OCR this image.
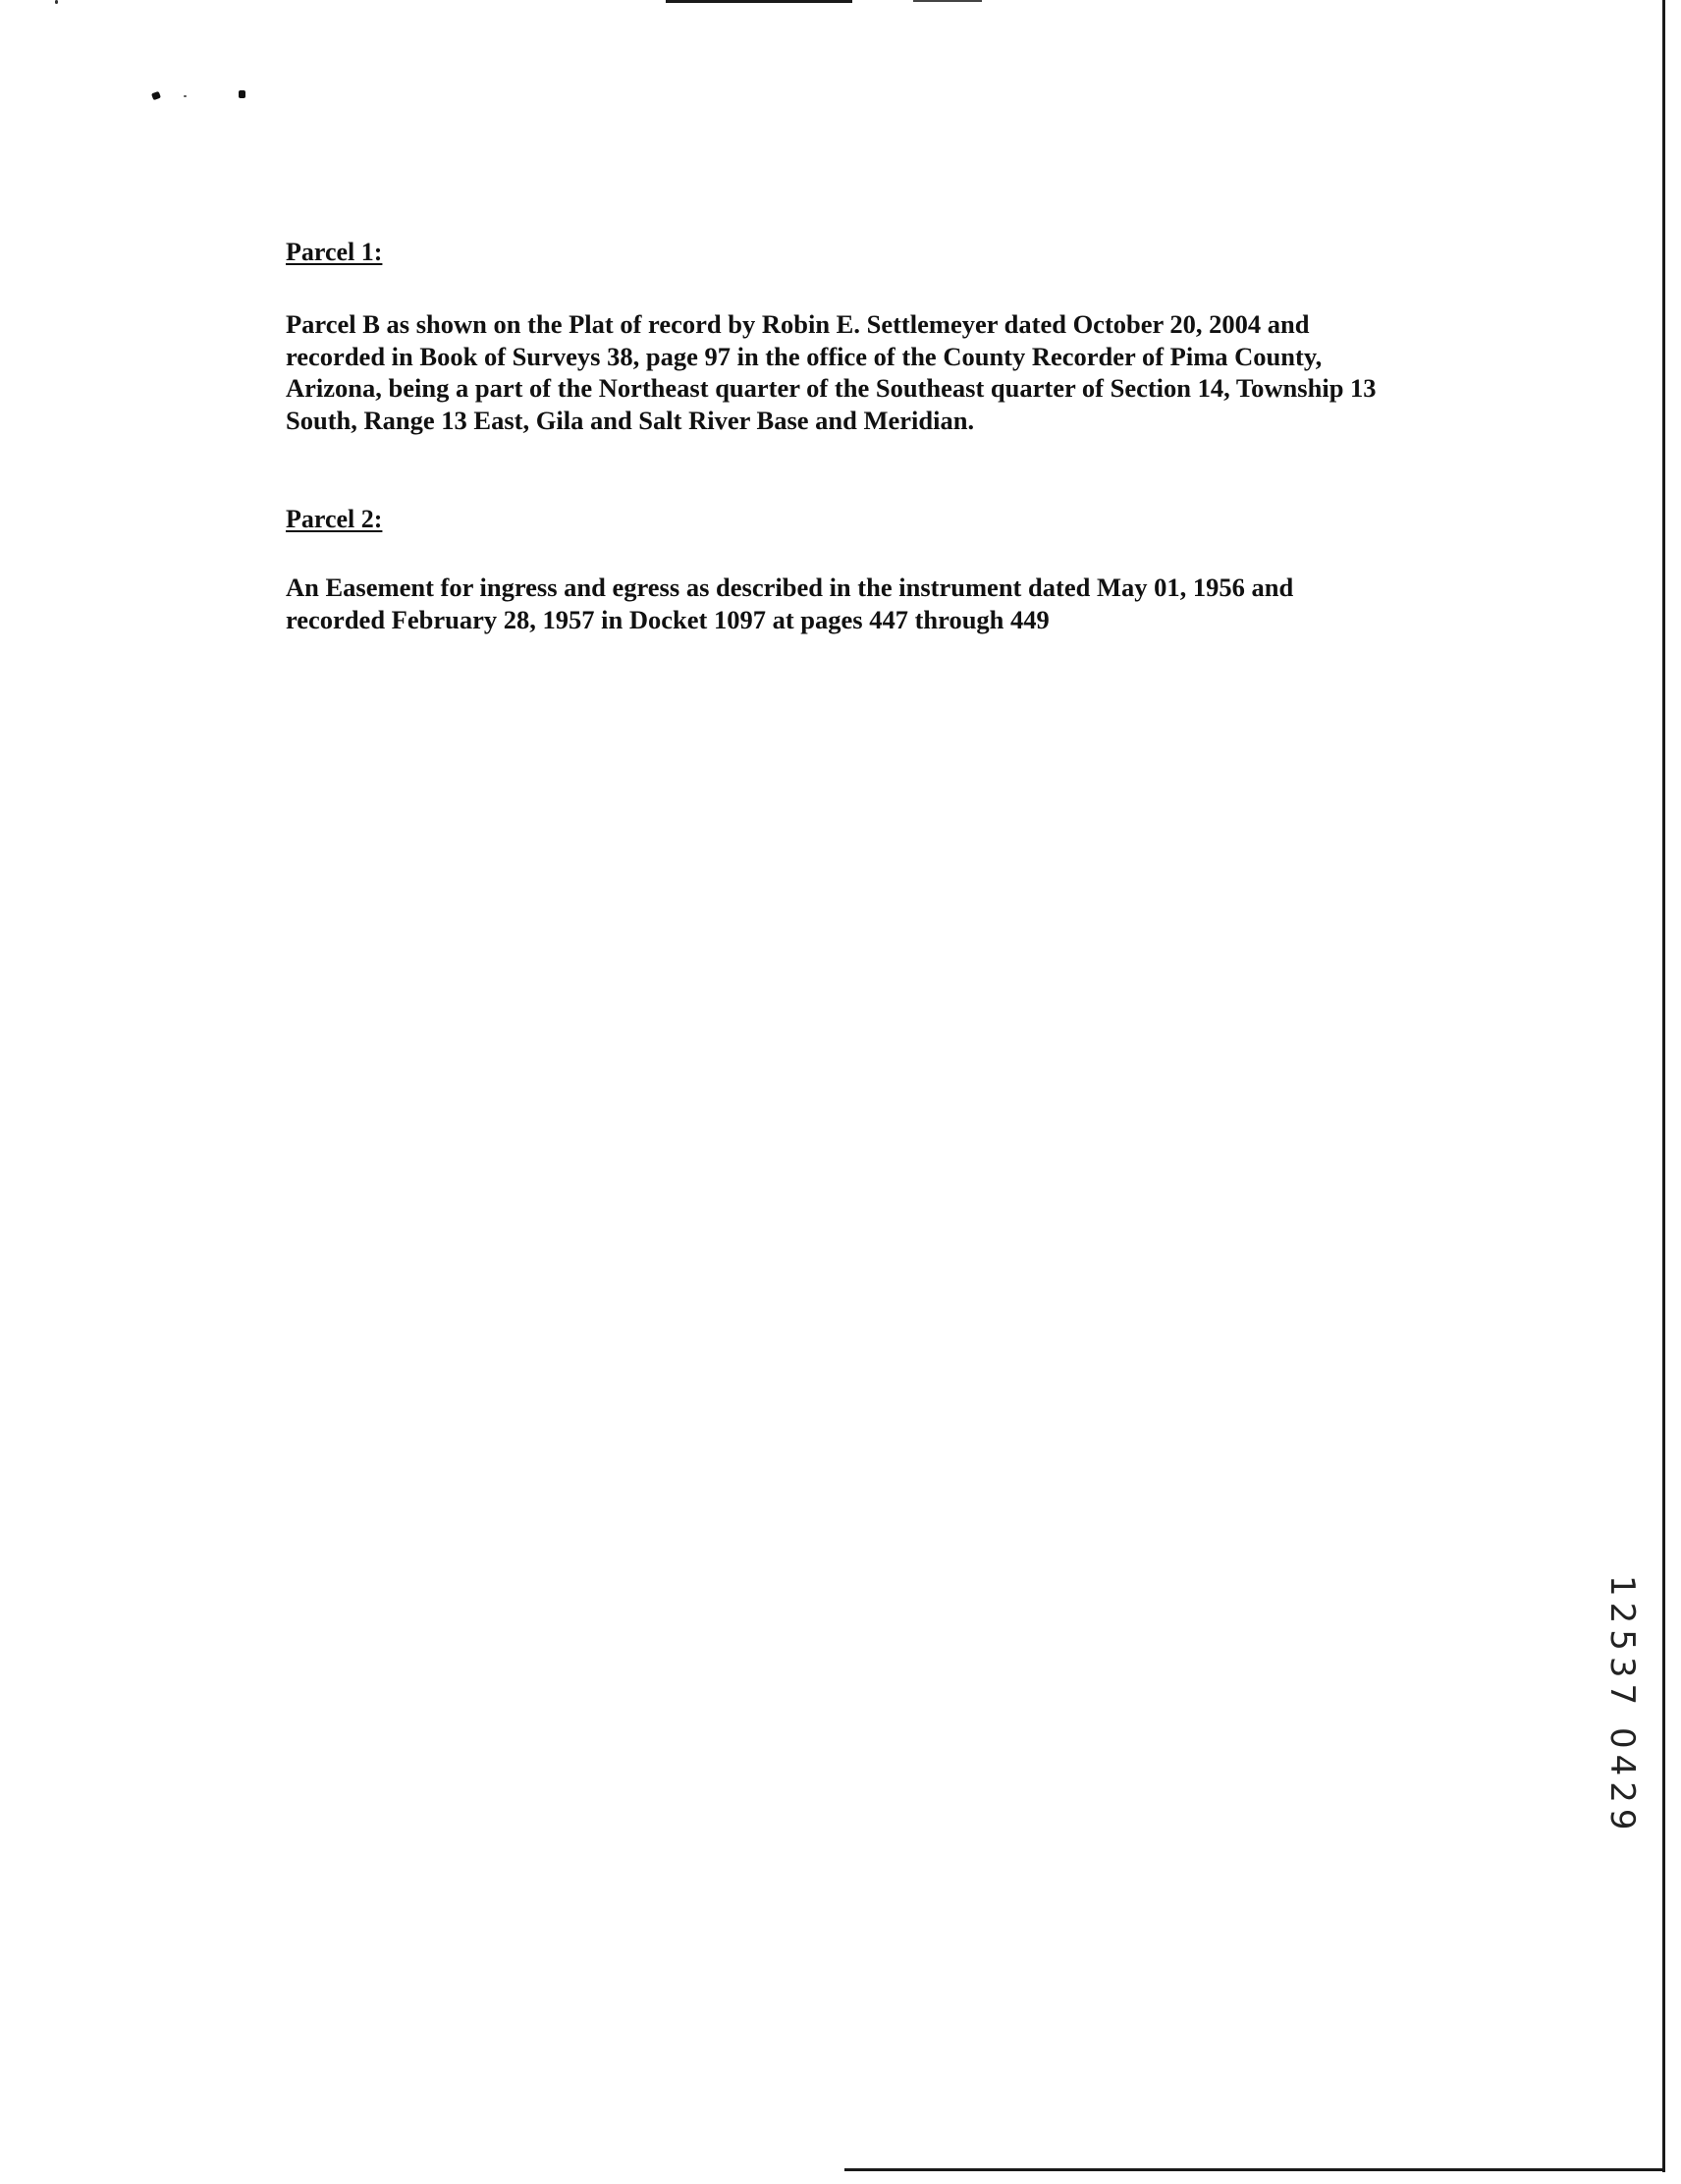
Parcel 1:

Parcel B as shown on the Plat of record by Robin E. Settlemeyer dated October 20, 2004 and recorded in Book of Surveys 38, page 97 in the office of the County Recorder of Pima County, Arizona, being a part of the Northeast quarter of the Southeast quarter of Section 14, Township 13 South, Range 13 East, Gila and Salt River Base and Meridian.

Parcel 2:

An Easement for ingress and egress as described in the instrument dated May 01, 1956 and recorded February 28, 1957 in Docket 1097 at pages 447 through 449

12537 0429
